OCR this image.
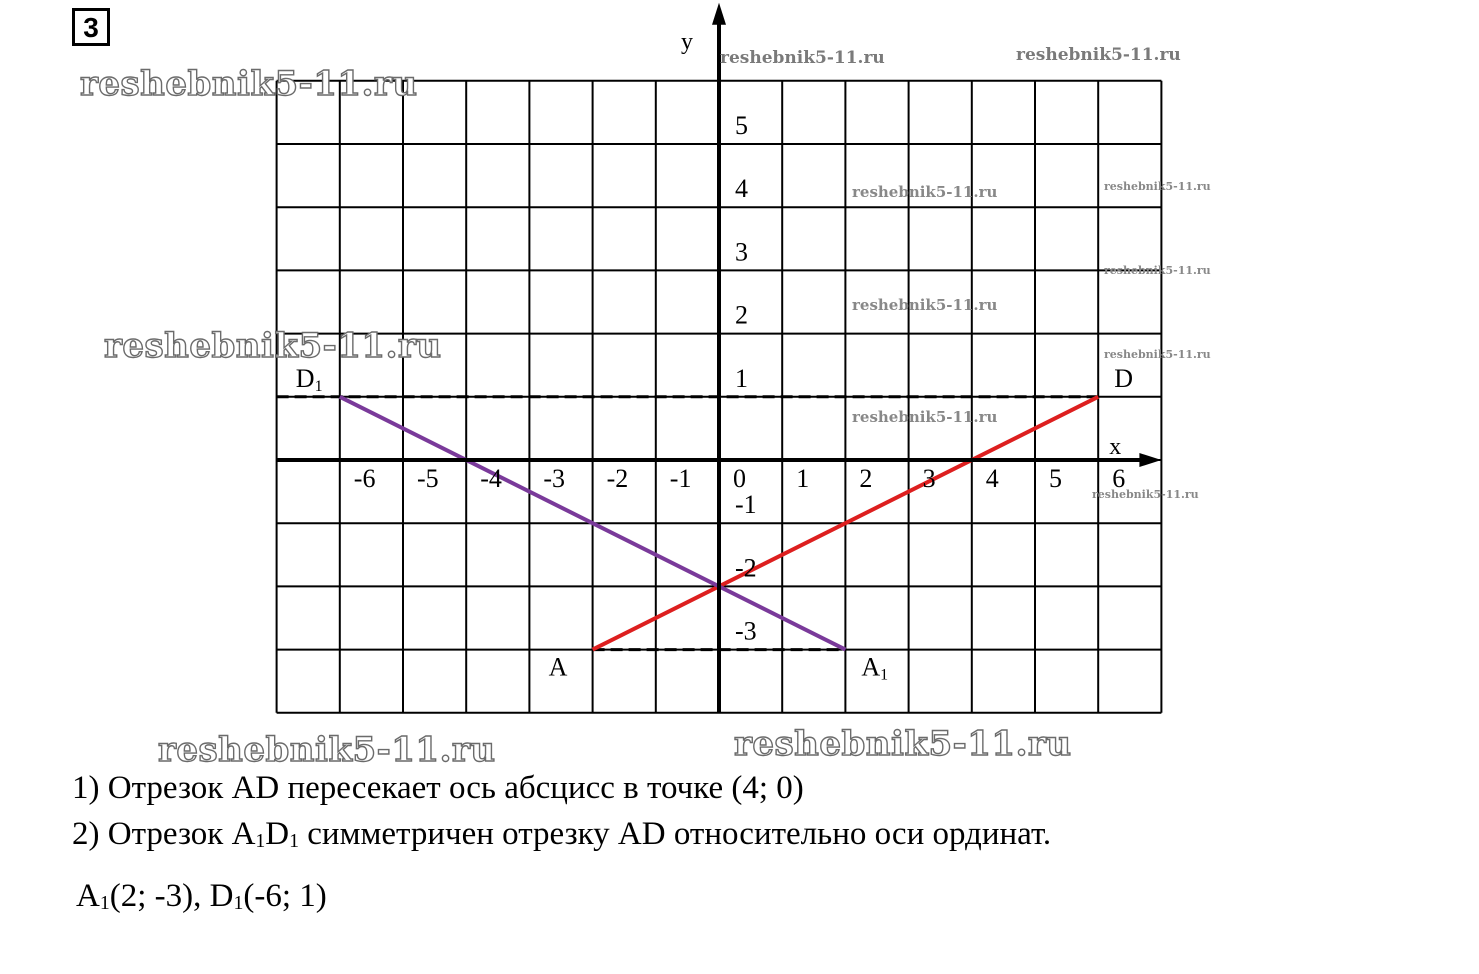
3
-6 -5 -4 -3 -2 -1 0 1 2 3 4 5 6
5
4
3
2
1
-1
-2
-3
x
y
A
D
A1
D1
reshebnik5-11.ru
reshebnik5-11.ru
reshebnik5-11.ru	reshebnik5-11.ru
reshebnik5-11.ru	reshebnik5-11.ru
reshebnik5-11.ru
reshebnik5-11.ru
reshebnik5-11.ru
reshebnik5-11.ru
reshebnik5-11.ru
reshebnik5-11.ru
reshebnik5-11.ru
1) Отрезок AD пересекает ось абсцисс в точке (4; 0)
2) Отрезок $A_1D_1$ симметричен отрезку AD относительно оси ординат.
$A_1(2$; -3), $D_1(-6$; 1)
